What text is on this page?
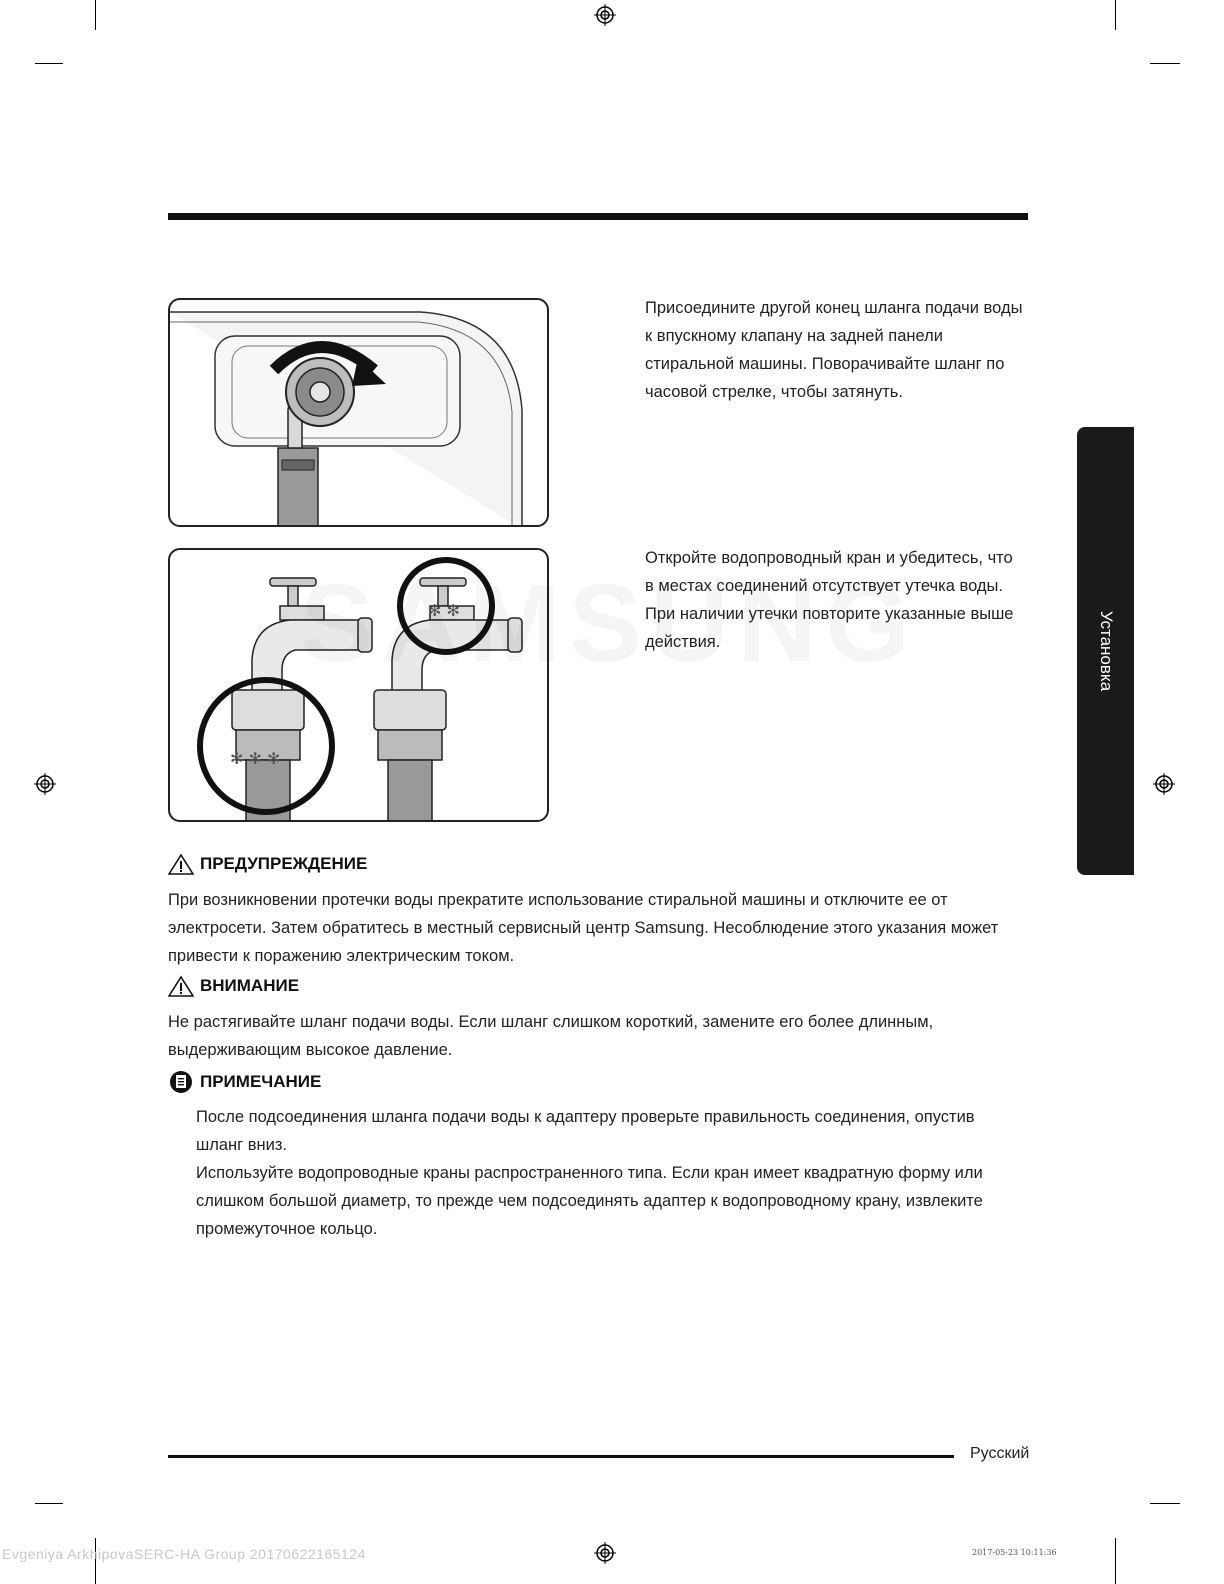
✻ ✻
✻ ✻ ✻
Присоедините другой конец шланга подачи воды к впускному клапану на задней панели стиральной машины. Поворачивайте шланг по часовой стрелке, чтобы затянуть.
Откройте водопроводный кран и убедитесь, что в местах соединений отсутствует утечка воды. При наличии утечки повторите указанные выше действия.	Установка
ПРЕДУПРЕЖДЕНИЕ
При возникновении протечки воды прекратите использование стиральной машины и отключите ее от электросети. Затем обратитесь в местный сервисный центр Samsung. Несоблюдение этого указания может привести к поражению электрическим током.
ВНИМАНИЕ
Не растягивайте шланг подачи воды. Если шланг слишком короткий, замените его более длинным, выдерживающим высокое давление.
ПРИМЕЧАНИЕ
После подсоединения шланга подачи воды к адаптеру проверьте правильность соединения, опустив шланг вниз.
Используйте водопроводные краны распространенного типа. Если кран имеет квадратную форму или слишком большой диаметр, то прежде чем подсоединять адаптер к водопроводному крану, извлеките промежуточное кольцо.
Русский
Evgeniya ArkhipovaSERC-HA Group 20170622165124	2017-05-23 10:11:36
